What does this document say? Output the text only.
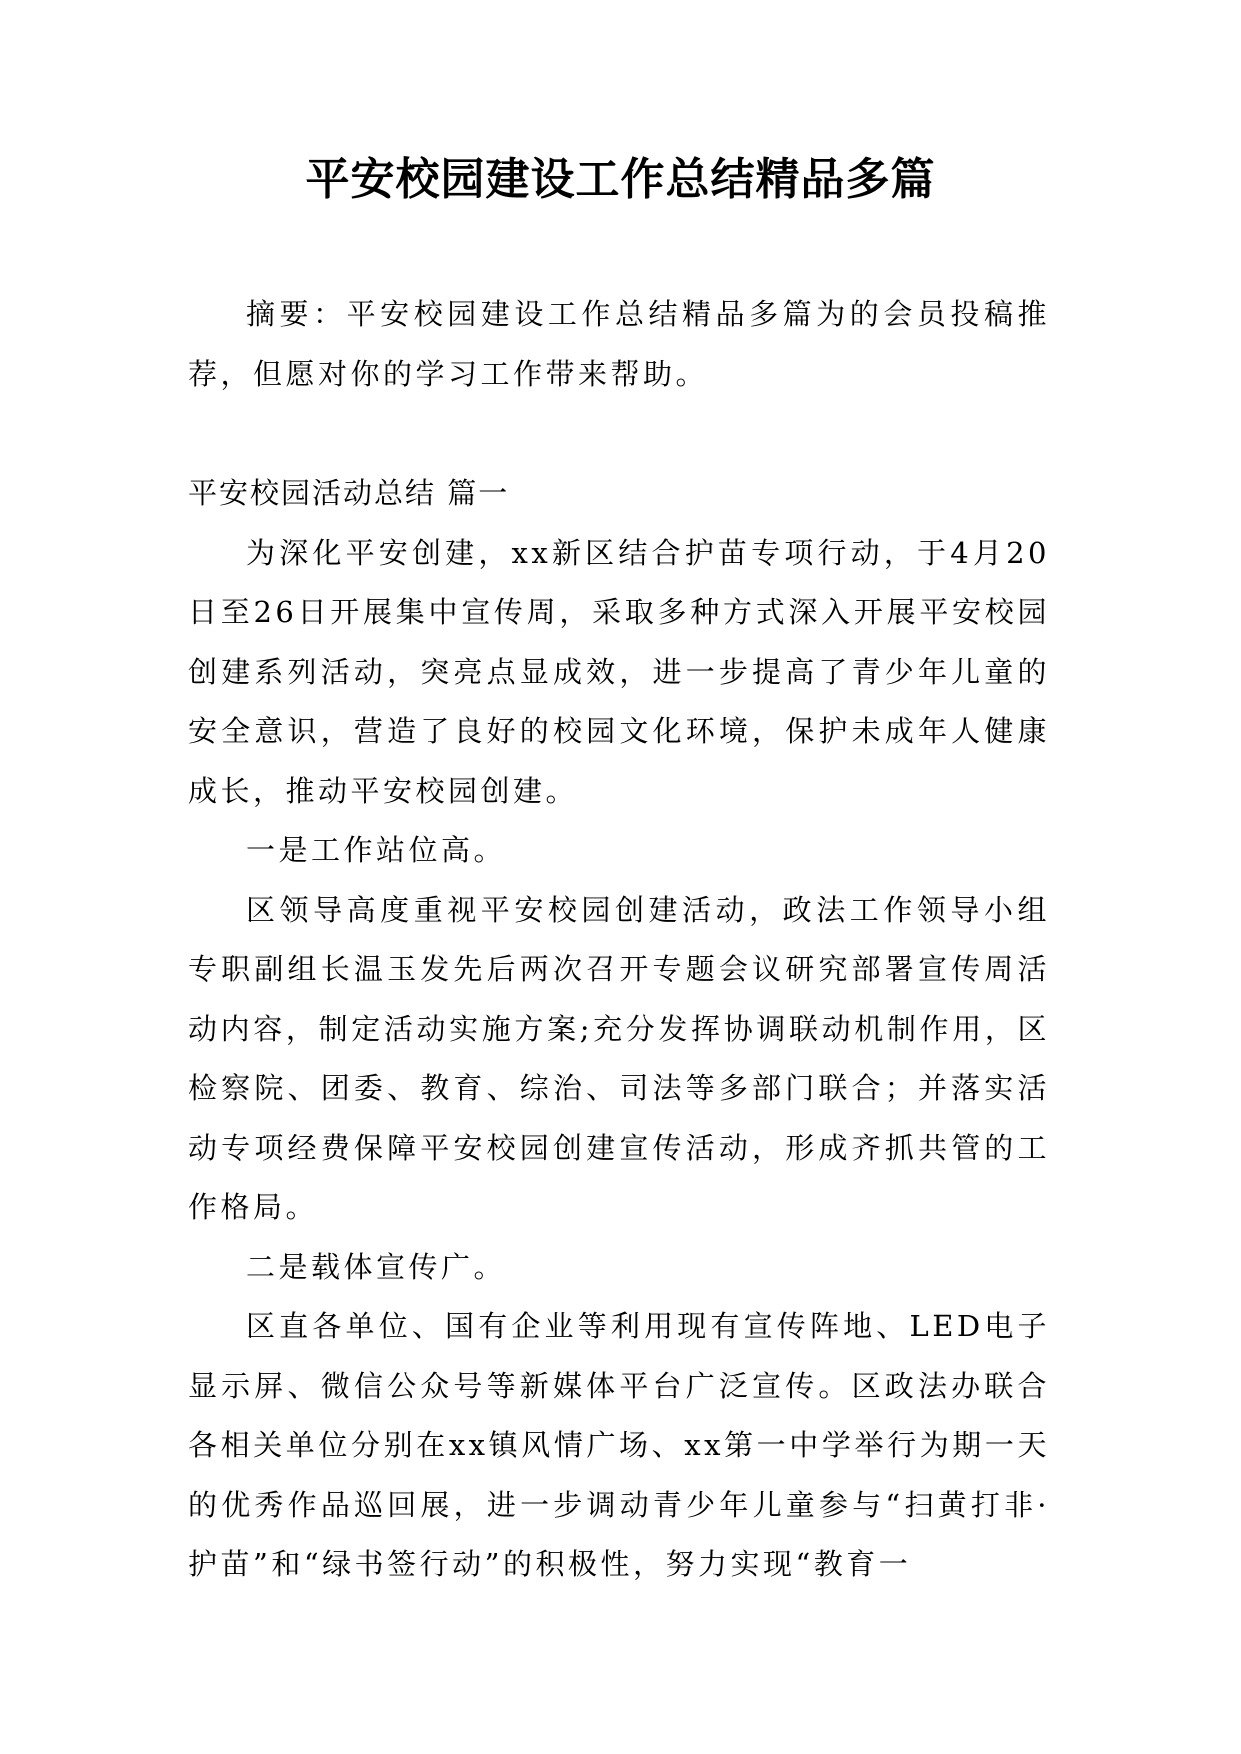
平安校园建设工作总结精品多篇

摘要：平安校园建设工作总结精品多篇为的会员投稿推荐，但愿对你的学习工作带来帮助。

平安校园活动总结 篇一

为深化平安创建，xx新区结合护苗专项行动，于4月20日至26日开展集中宣传周，采取多种方式深入开展平安校园创建系列活动，突亮点显成效，进一步提高了青少年儿童的安全意识，营造了良好的校园文化环境，保护未成年人健康成长，推动平安校园创建。

一是工作站位高。

区领导高度重视平安校园创建活动，政法工作领导小组专职副组长温玉发先后两次召开专题会议研究部署宣传周活动内容，制定活动实施方案;充分发挥协调联动机制作用，区检察院、团委、教育、综治、司法等多部门联合；并落实活动专项经费保障平安校园创建宣传活动，形成齐抓共管的工作格局。

二是载体宣传广。

区直各单位、国有企业等利用现有宣传阵地、LED电子显示屏、微信公众号等新媒体平台广泛宣传。区政法办联合各相关单位分别在xx镇风情广场、xx第一中学举行为期一天的优秀作品巡回展，进一步调动青少年儿童参与“扫黄打非·护苗”和“绿书签行动”的积极性，努力实现“教育一
